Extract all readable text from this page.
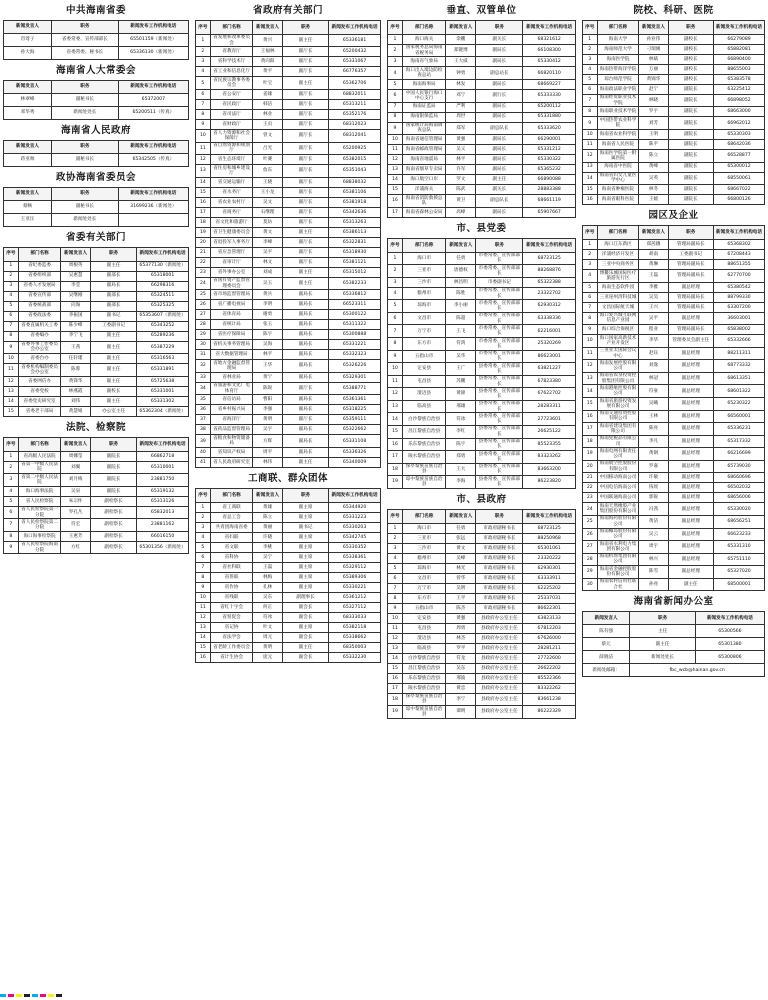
中共海南省委
新闻发言人	职务	新闻发布工作机构电话
肖莺子	省委常委、宣传部部长	65501159（新闻处）
孙大海	省委常委、秘书长	65336130（新闻处）
海南省人大常委会
新闻发言人	职务	新闻发布工作机构电话
林翠峰	副秘书长	65372007
邓华秀	新闻处处长	65200511（传真）
海南省人民政府
新闻发言人	职务	新闻发布工作机构电话
蒋亚帅	副秘书长	65342505（传真）
政协海南省委员会
新闻发言人	职务	新闻发布工作机构电话
蔡畅	副秘书长	31699236（新闻处）
王亚汪	新闻处处长	
省委有关部门
序号	部门名称	新闻发言人	职务	新闻发布工作机构电话
1	省纪委监委	周根英	副主任	65377130（新闻处）
2	省委组织部	吴惠慧	副部长	65318001
3	省委人才发展局	李莹	副局长	66298316
4	省委宣传部	吴继刚	副部长	65324511
5	省委统战部	向淘	副部长	65325325
6	省委政法委	李振国	副书记	65353607（新闻处）
7	省委直属机关工委	陈少峰	工委副书记	65343252
8	省委编办	李宁飞	副主任	65289236
9	省委外事工作委员会办公室	王茜	副主任	65387229
10	省委台办	任轩瑾	副主任	65316563
11	省委机构编制委员会办公室	陈蓉	副主任	65331891
12	省委网信办	黄锋华	副主任	65725638
13	省委党校	林燕霞	副校长	65331001
14	省委党史研究室	刘伟	副主任	65331302
15	省委老干部局	黄慧娟	办公室主任	65362304（新闻处）
法院、检察院
序号	部门名称	新闻发言人	职务	新闻发布工作机构电话
1	省高级人民法院	周娜莹	副院长	66862718
2	省第一中级人民法院	刘翼	副院长	65310001
3	省第二中级人民法院	刘月梅	副院长	23881750
4	海口海事法院	吴泉	副院长	65319132
5	省人民检察院	朱宗怀	副检察长	65313126
6	省人民检察院第一分院	罗孔凡	副检察长	65832013
7	省人民检察院第二分院	符宏	副检察长	23881162
8	海口海事检察院	王惠芳	副检察长	66016150
9	省人民检察院海南分院	方红	副检察长	65301356（新闻处）
省政府有关部门
序号	部门名称	新闻发言人	职务	新闻发布工作机构电话
1	省发展和改革委员会	黄兴	副主任	65336181
2	省教育厅	王福林	副厅长	65200432
3	省科学技术厅	黄向阳	副厅长	65331067
4	省工业和信息化厅	黄平	副厅长	66776357
5	省民族宗教事务委员会	叶宝	副主任	65362706
6	省公安厅	姜雄	副厅长	68832011
7	省民政厅	韩洁	副厅长	65313211
8	省司法厅	林业	副厅长	65352176
9	省财政厅	王贞	副厅长	68312023
10	省人力资源和社会保障厅	曾文	副厅长	68312041
11	省自然资源和规划厅	吕光	副厅长	65200925
12	省生态环境厅	叶赛	副厅长	65382015
13	省住房和城乡建设厅	詹东	副厅长	65351043
14	省交通运输厅	王晓	副厅长	68838032
15	省水务厅	王小龙	副厅长	65381106
16	省农业农村厅	吴文	副厅长	65381918
17	省商务厅	石继理	副厅长	65342636
18	省文化和旅游厅	莫坊	副厅长	65313263
19	省卫生健康委员会	黄文	副主任	65386113
20	省退役军人事务厅	李峰	副厅长	65322831
21	省应急管理厅	吴平	副厅长	65318930
22	省审计厅	林文	副厅长	65381121
23	省外事办公室	刘成	副主任	65315012
24	省国有资产监督管理委员会	吴玉	副主任	65382233
25	省市场监督管理局	黄兵	副局长	65336812
26	省广播电视局	李明	副局长	66523311
27	省体育局	谢勇	副局长	65300122
28	省统计局	张玉	副局长	65311322
29	省医疗保障局	陈宇	副局长	65300888
30	省机关事务管理局	吴海	副局长	65331221
31	省大数据管理局	林平	副局长	65332323
32	省地方金融监督管理局	王华	副局长	65326226
33	省林业局	黄宁	副局长	65329301
34	省旅游和文化广电体育厅	陈锐	副厅长	65388771
35	省信访局	曹阳	副局长	65361361
36	省乡村振兴局	李强	副局长	65318225
37	省海洋厅	黄明	副厅长	65359111
38	省药品监督管理局	吴宇	副局长	65322662
39	省粮食和物资储备局	方辉	副局长	65331108
40	省知识产权局	周平	副局长	65336326
41	省人民政府研究室	林伟	副主任	65340009
工商联、群众团体
序号	部门名称	新闻发言人	职务	新闻发布工作机构电话
1	省工商联	黄雄	副主席	65344920
2	省总工会	陈立	副主席	65331223
3	共青团海南省委	黄丽	副书记	65330203
4	省妇联	许晓	副主席	65342745
5	省文联	李桃	副主席	65330352
6	省科协	吴宁	副主席	65338361
7	省社科联	王磊	副主席	65329112
8	省侨联	林梅	副主席	65389306
9	省作协	孔林	副主席	65330221
10	省残联	吴东	副理事长	65361212
11	省红十字会	何正	副会长	65327112
12	省贸促会	符冰	副会长	68333033
13	省记协	叶文	副主席	65382118
14	省法学会	周元	副会长	65338662
15	省老龄工作委员会	黄明	副主任	68350003
16	省计生协会	庞元	副会长	65332230
垂直、双管单位
序号	部门名称	新闻发言人	职务	新闻发布工作机构电话
1	海口海关	余鹏	副关长	68321612
2	国家税务总局海南省税务局	郑键博	副局长	66108300
3	海南省气象局	王大威	副局长	65330412
4	海口出入境边防检查总站	钟勇	副总站长	66820110
5	海南海事局	林发	副局长	68669227
6	中国人民银行海口中心支行	邓宁	副行长	65333330
7	海南证监局	严利	副局长	65200112
8	海南银保监局	周世	副局长	65331880
9	国家统计局海南调查总队	郑军	副总队长	65333620
10	海南省通信管理局	黄强	副局长	66290001
11	海南省邮政管理局	吴义	副局长	65331212
12	海南省地震局	林平	副局长	65330322
13	海南省烟草专卖局	许军	副局长	65365232
14	海口航空口岸	罗文	副主任	66890088
15	洋浦海关	陈武	副关长	28883388
16	海南省消防救援总队	黄卫	副总队长	68661119
17	海南省森林公安局	高峰	副局长	65907667
市、县党委
序号	部门名称	新闻发言人	职务	新闻发布工作机构电话
1	海口市	任勇	市委常委、宣传部部长	68723125
2	三亚市	唐德权	市委常委、宣传部部长	88268876
3	三沙市	林昌明	市委副书记	65322388
4	儋州市	陈胜	市委常委、宣传部部长	23322702
5	琼海市	李小丽	市委常委、宣传部部长	62930312
6	文昌市	陈超	市委常委、宣传部部长	63338336
7	万宁市	王飞	市委常委、宣传部部长	62216001
8	东方市	符鸿	市委常委、宣传部部长	25320269
9	五指山市	吴华	市委常委、宣传部部长	86623001
10	定安县	王广	县委常委、宣传部部长	63821227
11	屯昌县	苏鹏	县委常委、宣传部部长	67823380
12	澄迈县	黄锦	县委常委、宣传部部长	67622702
13	临高县	邢雄	县委常委、宣传部部长	28283311
14	白沙黎族自治县	符冰	县委常委、宣传部部长	27723601
15	昌江黎族自治县	李红	县委常委、宣传部部长	26625122
16	乐东黎族自治县	陈宇	县委常委、宣传部部长	85523355
17	陵水黎族自治县	郑勇	县委常委、宣传部部长	83323262
18	保亭黎族苗族自治县	王大	县委常委、宣传部部长	83663200
19	琼中黎族苗族自治县	李海	县委常委、宣传部部长	86223820
市、县政府
序号	部门名称	新闻发言人	职务	新闻发布工作机构电话
1	海口市	任勇	市政府副秘书长	68723125
2	三亚市	张远	市政府副秘书长	88250968
3	三沙市	黄文	市政府副秘书长	65301061
4	儋州市	吴峰	市政府副秘书长	23320222
5	琼海市	林光	市政府副秘书长	62930301
6	文昌市	曾华	市政府副秘书长	63333911
7	万宁市	吴明	市政府副秘书长	62225202
8	东方市	王平	市政府副秘书长	25337031
9	五指山市	陈杰	市政府副秘书长	86622301
10	定安县	黄强	县政府办公室主任	63823133
11	屯昌县	周勇	县政府办公室主任	67812203
12	澄迈县	林杰	县政府办公室主任	67626000
13	临高县	罗平	县政府办公室主任	28281211
14	白沙黎族自治县	符龙	县政府办公室主任	27722600
15	昌江黎族自治县	吴东	县政府办公室主任	26622202
16	乐东黎族自治县	邢波	县政府办公室主任	85522366
17	陵水黎族自治县	黄忠	县政府办公室主任	83322262
18	保亭黎族苗族自治县	李宁	县政府办公室主任	83661238
19	琼中黎族苗族自治县	谭明	县政府办公室主任	86222329
院校、科研、医院
序号	部门名称	新闻发言人	职务	新闻发布工作机构电话
1	海南大学	孙业伟	副校长	66279089
2	海南师范大学	刁瑞刚	副校长	65882081
3	海南医学院	林斌	副校长	66890400
4	海南热带海洋学院	万丽	副校长	88655003
5	琼台师范学院	黄锦华	副校长	65383578
6	海南政法职业学院	赵宁	副院长	63225412
7	海南经贸职业技术学院	林晓	副院长	66898052
8	海南职业技术学院	罗宇	副院长	68663000
9	中国热带农业科学院	刘芳	副院长	66962012
10	海南省农业科学院	王明	副院长	65330303
11	海南省人民医院	陈平	副院长	68642036
12	海南医学院第一附属医院	陈立	副院长	66528877
13	海南省中医院	黄峰	副院长	65300012
14	海南省妇女儿童医学中心	吴英	副院长	68550061
15	海南省肿瘤医院	林冬	副院长	68667022
16	海南省眼科医院	王媛	副院长	66800126
园区及企业
序号	部门名称	新闻发言人	职务	新闻发布工作机构电话
1	海口江东新区	郑茜娥	管理局副局长	65368302
2	洋浦经济开发区	胡南	工委副书记	67208443
3	三亚中央商务区	黄琳	管理局副局长	88651355
4	博鳌乐城国际医疗旅游先行区	王磊	管理局副局长	62770700
5	海南生态软件园	李雅	副总经理	65380542
6	三亚崖州湾科技城	吴昊	管理局副局长	88799330
7	文昌国际航天城	王兴	管理局副局长	63307200
8	海口复兴城互联网信息产业园	吴平	副总经理	36603001
9	海口综合保税区	程业	管理局副局长	65838002
10	海口国家高新技术产业开发区	李华	管理委员会副主任	65332666
11	三亚亚太国际会议中心	赵钰	副总经理	88211311
12	海南发展控股有限公司	刘逸	副总经理	68773332
13	海南省农垦投资控股集团有限公司	林冠	副总经理	68613351
14	海南港航控股有限公司	符豪	副总经理	68601322
15	海南省旅游投资发展有限公司	吴曦	副总经理	65230322
16	海南交通投资控股有限公司	王林	副总经理	66560001
17	海南省建设集团有限公司	陈亮	副总经理	65336231
18	海南免税品有限公司	李凡	副总经理	65317332
19	海南电网有限责任公司	黄钢	副总经理	66216699
20	海南航空控股股份有限公司	罗嘉	副总经理	65739030
21	中国移动海南公司	许敏	副总经理	68660696
22	中国电信海南公司	钱瑶	副总经理	66502032
23	中国联通海南公司	郭锐	副总经理	68656006
24	海南天然橡胶产业集团股份有限公司	冯茜	副总经理	65330020
25	海南海药股份有限公司	黄洁	副总经理	68656251
26	海南椰岛股份有限公司	吴云	副总经理	66623233
27	海南省水利电力集团有限公司	周宇	副总经理	65331310
28	海南机场集团有限公司	林兴	副总经理	65751110
29	海南省金融控股股份有限公司	陈雪	副总经理	65327020
30	海南农村信用社联合社	孙亮	副主任	68500001
海南省新闻办公室
新闻发言人	职务	新闻发布工作机构电话
陈有强	主任	65300566
蔡元	副主任	65301380
薛晓洁	新闻处处长	65300806
新闻处邮箱：	fbc_wcb@hainan.gov.cn	
